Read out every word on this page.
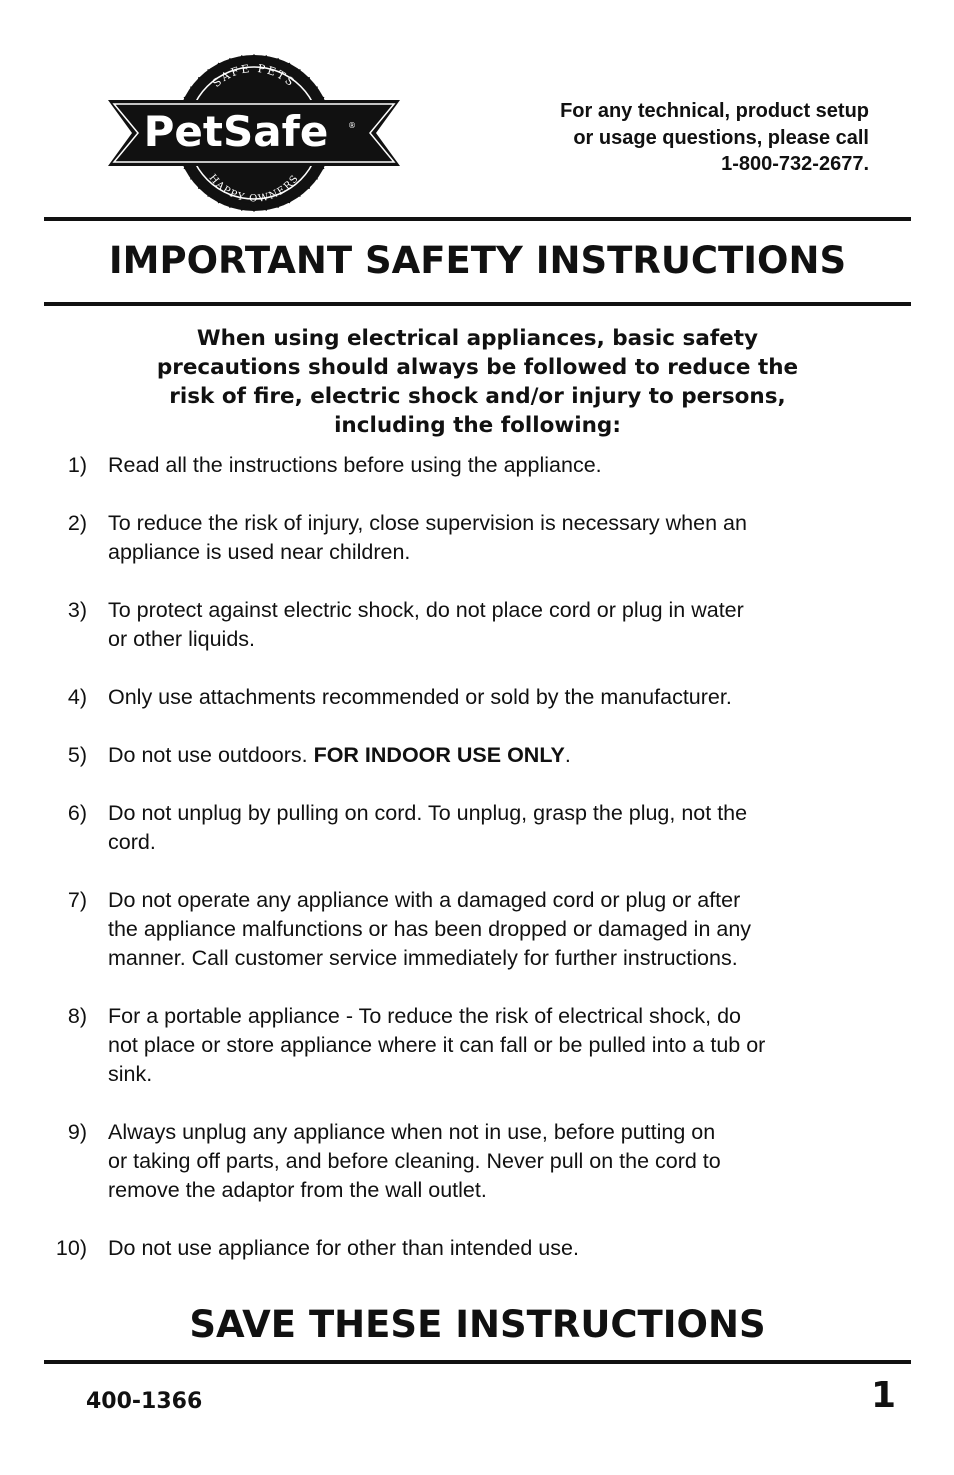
PetSafe ®
SAFE PETS
HAPPY OWNERS
For any technical, product setup
or usage questions, please call
1-800-732-2677.
IMPORTANT SAFETY INSTRUCTIONS
When using electrical appliances, basic safety
precautions should always be followed to reduce the
risk of fire, electric shock and/or injury to persons,
including the following:
1) Read all the instructions before using the appliance.
2) To reduce the risk of injury, close supervision is necessary when an
appliance is used near children.
3) To protect against electric shock, do not place cord or plug in water
or other liquids.
4) Only use attachments recommended or sold by the manufacturer.
5) Do not use outdoors. FOR INDOOR USE ONLY.
6) Do not unplug by pulling on cord. To unplug, grasp the plug, not the
cord.
7) Do not operate any appliance with a damaged cord or plug or after
the appliance malfunctions or has been dropped or damaged in any
manner. Call customer service immediately for further instructions.
8) For a portable appliance - To reduce the risk of electrical shock, do
not place or store appliance where it can fall or be pulled into a tub or
sink.
9) Always unplug any appliance when not in use, before putting on
or taking off parts, and before cleaning. Never pull on the cord to
remove the adaptor from the wall outlet.
10) Do not use appliance for other than intended use.
SAVE THESE INSTRUCTIONS
400-1366	1
